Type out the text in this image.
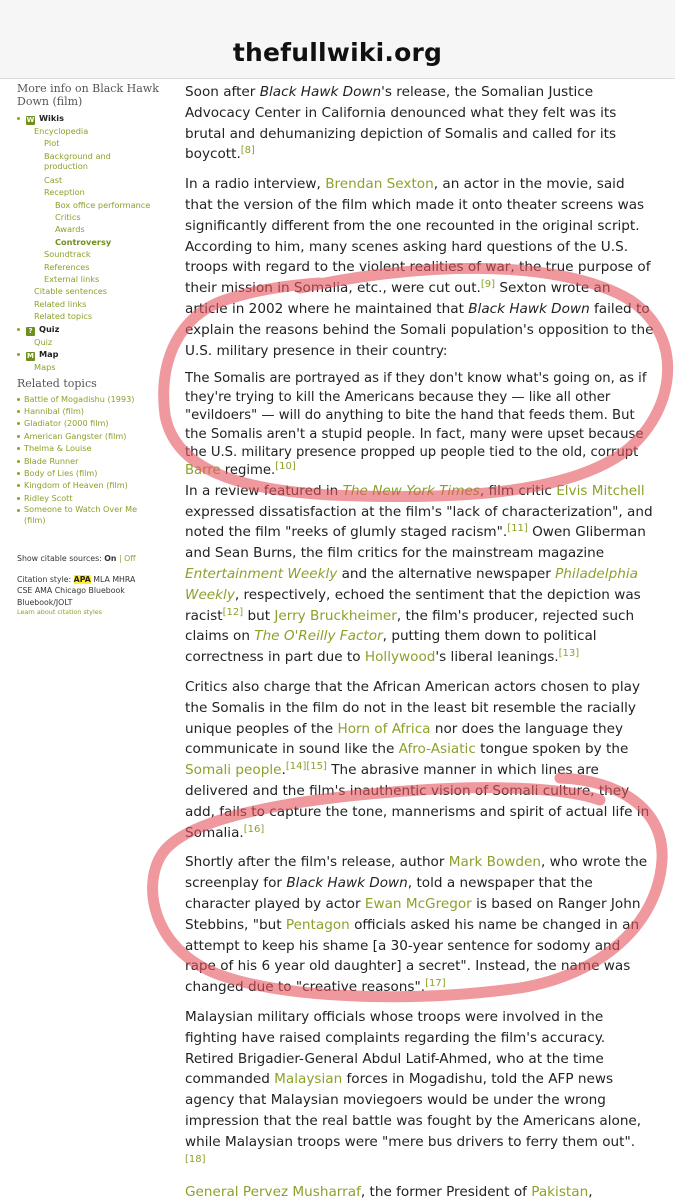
thefullwiki.org
More info on Black Hawk Down (film)
W Wikis
Encyclopedia
Plot
Background and production
Cast
Reception
Box office performance
Critics
Awards
Controversy
Soundtrack
References
External links
Citable sentences
Related links
Related topics
? Quiz
Quiz
M Map
Maps
Related topics
Battle of Mogadishu (1993)
Hannibal (film)
Gladiator (2000 film)
American Gangster (film)
Thelma & Louise
Blade Runner
Body of Lies (film)
Kingdom of Heaven (film)
Ridley Scott
Someone to Watch Over Me (film)
Show citable sources: On | Off
Citation style: APA MLA MHRA CSE AMA Chicago Bluebook Bluebook/JOLT
Learn about citation styles

Soon after Black Hawk Down's release, the Somalian Justice Advocacy Center in California denounced what they felt was its brutal and dehumanizing depiction of Somalis and called for its boycott.[8]

In a radio interview, Brendan Sexton, an actor in the movie, said that the version of the film which made it onto theater screens was significantly different from the one recounted in the original script. According to him, many scenes asking hard questions of the U.S. troops with regard to the violent realities of war, the true purpose of their mission in Somalia, etc., were cut out.[9] Sexton wrote an article in 2002 where he maintained that Black Hawk Down failed to explain the reasons behind the Somali population's opposition to the U.S. military presence in their country:

The Somalis are portrayed as if they don't know what's going on, as if they're trying to kill the Americans because they — like all other "evildoers" — will do anything to bite the hand that feeds them. But the Somalis aren't a stupid people. In fact, many were upset because the U.S. military presence propped up people tied to the old, corrupt Barre regime.[10]

In a review featured in The New York Times, film critic Elvis Mitchell expressed dissatisfaction at the film's "lack of characterization", and noted the film "reeks of glumly staged racism".[11] Owen Gliberman and Sean Burns, the film critics for the mainstream magazine Entertainment Weekly and the alternative newspaper Philadelphia Weekly, respectively, echoed the sentiment that the depiction was racist[12] but Jerry Bruckheimer, the film's producer, rejected such claims on The O'Reilly Factor, putting them down to political correctness in part due to Hollywood's liberal leanings.[13]

Critics also charge that the African American actors chosen to play the Somalis in the film do not in the least bit resemble the racially unique peoples of the Horn of Africa nor does the language they communicate in sound like the Afro-Asiatic tongue spoken by the Somali people.[14][15] The abrasive manner in which lines are delivered and the film's inauthentic vision of Somali culture, they add, fails to capture the tone, mannerisms and spirit of actual life in Somalia.[16]

Shortly after the film's release, author Mark Bowden, who wrote the screenplay for Black Hawk Down, told a newspaper that the character played by actor Ewan McGregor is based on Ranger John Stebbins, "but Pentagon officials asked his name be changed in an attempt to keep his shame [a 30-year sentence for sodomy and rape of his 6 year old daughter] a secret". Instead, the name was changed due to "creative reasons".[17]

Malaysian military officials whose troops were involved in the fighting have raised complaints regarding the film's accuracy. Retired Brigadier-General Abdul Latif-Ahmed, who at the time commanded Malaysian forces in Mogadishu, told the AFP news agency that Malaysian moviegoers would be under the wrong impression that the real battle was fought by the Americans alone, while Malaysian troops were "mere bus drivers to ferry them out".[18]

General Pervez Musharraf, the former President of Pakistan,
